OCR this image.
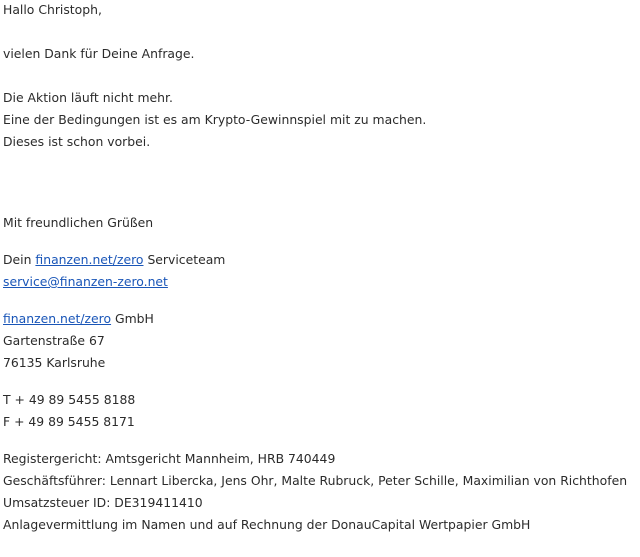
Hallo Christoph,
vielen Dank für Deine Anfrage.
Die Aktion läuft nicht mehr.
Eine der Bedingungen ist es am Krypto-Gewinnspiel mit zu machen.
Dieses ist schon vorbei.
Mit freundlichen Grüßen
Dein finanzen.net/zero Serviceteam
service@finanzen-zero.net
finanzen.net/zero GmbH
Gartenstraße 67
76135 Karlsruhe
T + 49 89 5455 8188
F + 49 89 5455 8171
Registergericht: Amtsgericht Mannheim, HRB 740449
Geschäftsführer: Lennart Libercka, Jens Ohr, Malte Rubruck, Peter Schille, Maximilian von Richthofen
Umsatzsteuer ID: DE319411410
Anlagevermittlung im Namen und auf Rechnung der DonauCapital Wertpapier GmbH
